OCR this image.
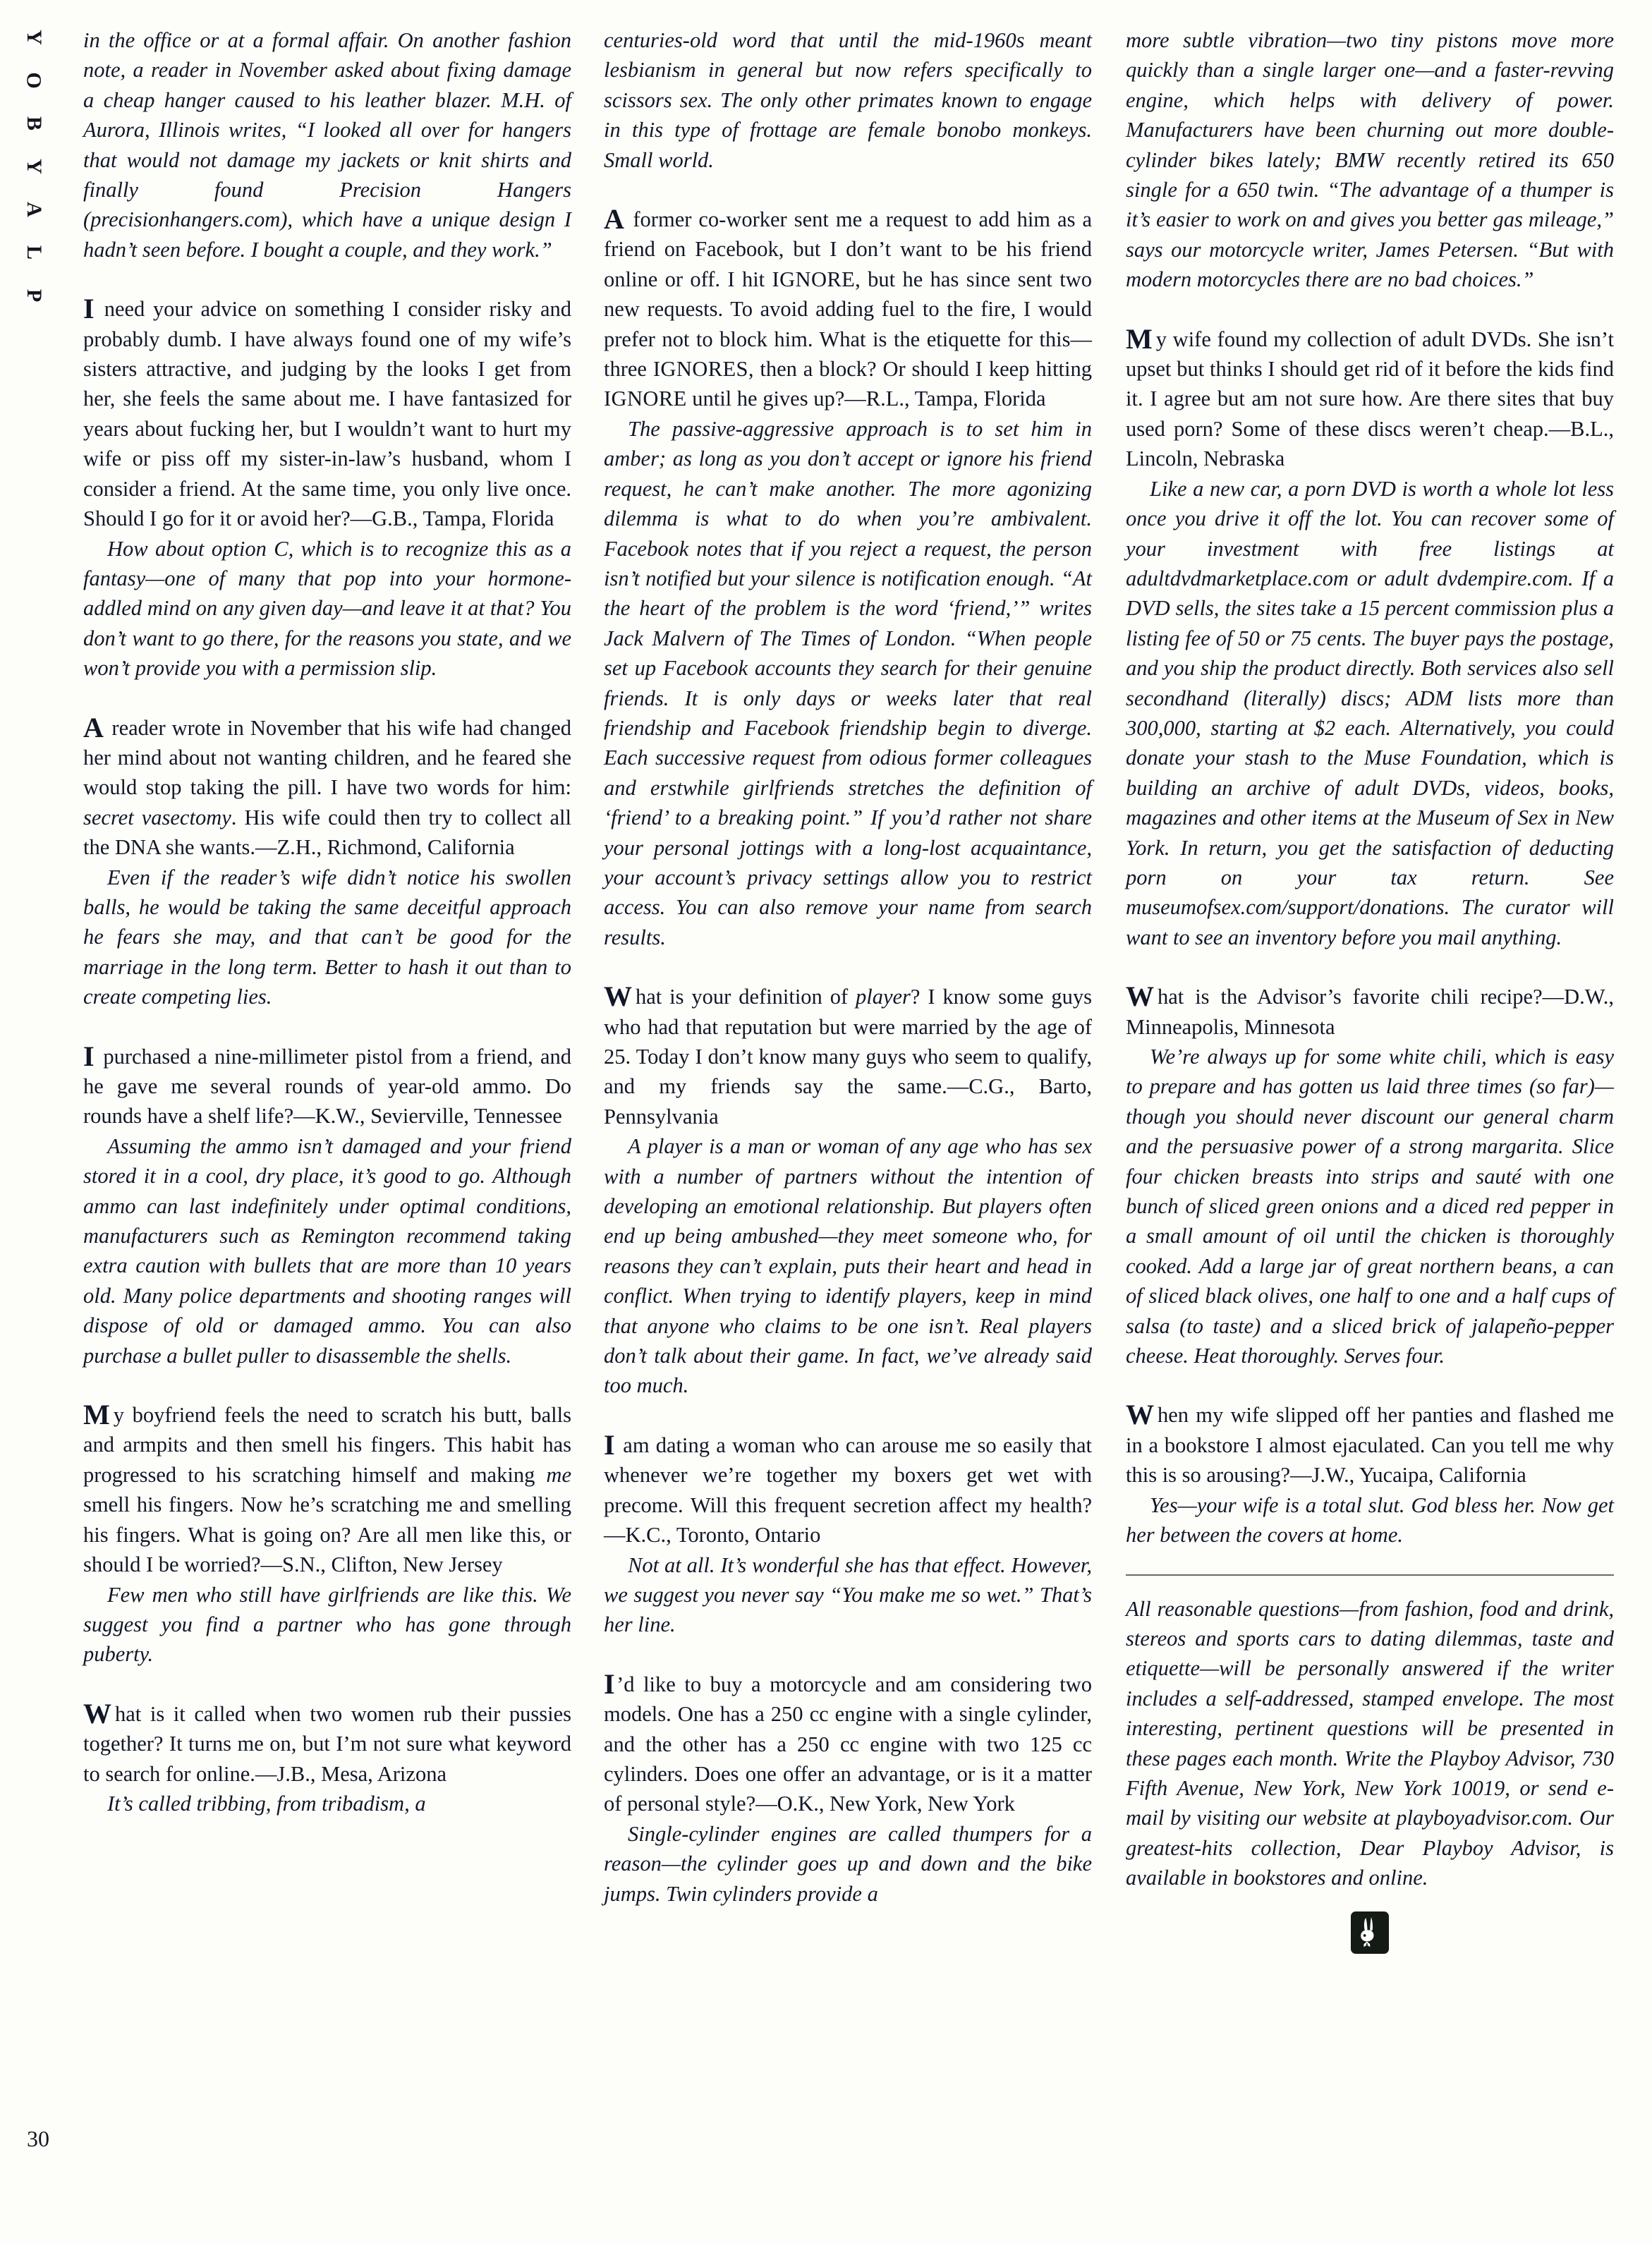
Y
O
B
Y
A
L
P

in the office or at a formal affair. On another fashion note, a reader in November asked about fixing damage a cheap hanger caused to his leather blazer. M.H. of Aurora, Illinois writes, “I looked all over for hangers that would not damage my jackets or knit shirts and finally found Precision Hangers (precisionhangers.com), which have a unique design I hadn’t seen before. I bought a couple, and they work.”

I need your advice on something I consider risky and probably dumb. I have always found one of my wife’s sisters attractive, and judging by the looks I get from her, she feels the same about me. I have fantasized for years about fucking her, but I wouldn’t want to hurt my wife or piss off my sister-in-law’s husband, whom I consider a friend. At the same time, you only live once. Should I go for it or avoid her?—G.B., Tampa, Florida

How about option C, which is to recognize this as a fantasy—one of many that pop into your hormone-addled mind on any given day—and leave it at that? You don’t want to go there, for the reasons you state, and we won’t provide you with a permission slip.

A reader wrote in November that his wife had changed her mind about not wanting children, and he feared she would stop taking the pill. I have two words for him: secret vasectomy. His wife could then try to collect all the DNA she wants.—Z.H., Richmond, California

Even if the reader’s wife didn’t notice his swollen balls, he would be taking the same deceitful approach he fears she may, and that can’t be good for the marriage in the long term. Better to hash it out than to create competing lies.

I purchased a nine-millimeter pistol from a friend, and he gave me several rounds of year-old ammo. Do rounds have a shelf life?—K.W., Sevierville, Tennessee

Assuming the ammo isn’t damaged and your friend stored it in a cool, dry place, it’s good to go. Although ammo can last indefinitely under optimal conditions, manufacturers such as Remington recommend taking extra caution with bullets that are more than 10 years old. Many police departments and shooting ranges will dispose of old or damaged ammo. You can also purchase a bullet puller to disassemble the shells.

M y boyfriend feels the need to scratch his butt, balls and armpits and then smell his fingers. This habit has progressed to his scratching himself and making me smell his fingers. Now he’s scratching me and smelling his fingers. What is going on? Are all men like this, or should I be worried?—S.N., Clifton, New Jersey

Few men who still have girlfriends are like this. We suggest you find a partner who has gone through puberty.

W hat is it called when two women rub their pussies together? It turns me on, but I’m not sure what keyword to search for online.—J.B., Mesa, Arizona

It’s called tribbing, from tribadism, a

centuries-old word that until the mid-1960s meant lesbianism in general but now refers specifically to scissors sex. The only other primates known to engage in this type of frottage are female bonobo monkeys. Small world.

A former co-worker sent me a request to add him as a friend on Facebook, but I don’t want to be his friend online or off. I hit IGNORE, but he has since sent two new requests. To avoid adding fuel to the fire, I would prefer not to block him. What is the etiquette for this—three IGNORES, then a block? Or should I keep hitting IGNORE until he gives up?—R.L., Tampa, Florida

The passive-aggressive approach is to set him in amber; as long as you don’t accept or ignore his friend request, he can’t make another. The more agonizing dilemma is what to do when you’re ambivalent. Facebook notes that if you reject a request, the person isn’t notified but your silence is notification enough. “At the heart of the problem is the word ‘friend,’” writes Jack Malvern of The Times of London. “When people set up Facebook accounts they search for their genuine friends. It is only days or weeks later that real friendship and Facebook friendship begin to diverge. Each successive request from odious former colleagues and erstwhile girlfriends stretches the definition of ‘friend’ to a breaking point.” If you’d rather not share your personal jottings with a long-lost acquaintance, your account’s privacy settings allow you to restrict access. You can also remove your name from search results.

W hat is your definition of player? I know some guys who had that reputation but were married by the age of 25. Today I don’t know many guys who seem to qualify, and my friends say the same.—C.G., Barto, Pennsylvania

A player is a man or woman of any age who has sex with a number of partners without the intention of developing an emotional relationship. But players often end up being ambushed—they meet someone who, for reasons they can’t explain, puts their heart and head in conflict. When trying to identify players, keep in mind that anyone who claims to be one isn’t. Real players don’t talk about their game. In fact, we’ve already said too much.

I am dating a woman who can arouse me so easily that whenever we’re together my boxers get wet with precome. Will this frequent secretion affect my health?—K.C., Toronto, Ontario

Not at all. It’s wonderful she has that effect. However, we suggest you never say “You make me so wet.” That’s her line.

I’d like to buy a motorcycle and am considering two models. One has a 250 cc engine with a single cylinder, and the other has a 250 cc engine with two 125 cc cylinders. Does one offer an advantage, or is it a matter of personal style?—O.K., New York, New York

Single-cylinder engines are called thumpers for a reason—the cylinder goes up and down and the bike jumps. Twin cylinders provide a

more subtle vibration—two tiny pistons move more quickly than a single larger one—and a faster-revving engine, which helps with delivery of power. Manufacturers have been churning out more double-cylinder bikes lately; BMW recently retired its 650 single for a 650 twin. “The advantage of a thumper is it’s easier to work on and gives you better gas mileage,” says our motorcycle writer, James Petersen. “But with modern motorcycles there are no bad choices.”

M y wife found my collection of adult DVDs. She isn’t upset but thinks I should get rid of it before the kids find it. I agree but am not sure how. Are there sites that buy used porn? Some of these discs weren’t cheap.—B.L., Lincoln, Nebraska

Like a new car, a porn DVD is worth a whole lot less once you drive it off the lot. You can recover some of your investment with free listings at adultdvdmarketplace.com or adult dvdempire.com. If a DVD sells, the sites take a 15 percent commission plus a listing fee of 50 or 75 cents. The buyer pays the postage, and you ship the product directly. Both services also sell secondhand (literally) discs; ADM lists more than 300,000, starting at $2 each. Alternatively, you could donate your stash to the Muse Foundation, which is building an archive of adult DVDs, videos, books, magazines and other items at the Museum of Sex in New York. In return, you get the satisfaction of deducting porn on your tax return. See museumofsex.com/support/donations. The curator will want to see an inventory before you mail anything.

W hat is the Advisor’s favorite chili recipe?—D.W., Minneapolis, Minnesota

We’re always up for some white chili, which is easy to prepare and has gotten us laid three times (so far)—though you should never discount our general charm and the persuasive power of a strong margarita. Slice four chicken breasts into strips and sauté with one bunch of sliced green onions and a diced red pepper in a small amount of oil until the chicken is thoroughly cooked. Add a large jar of great northern beans, a can of sliced black olives, one half to one and a half cups of salsa (to taste) and a sliced brick of jalapeño-pepper cheese. Heat thoroughly. Serves four.

W hen my wife slipped off her panties and flashed me in a bookstore I almost ejaculated. Can you tell me why this is so arousing?—J.W., Yucaipa, California

Yes—your wife is a total slut. God bless her. Now get her between the covers at home.

All reasonable questions—from fashion, food and drink, stereos and sports cars to dating dilemmas, taste and etiquette—will be personally answered if the writer includes a self-addressed, stamped envelope. The most interesting, pertinent questions will be presented in these pages each month. Write the Playboy Advisor, 730 Fifth Avenue, New York, New York 10019, or send e-mail by visiting our website at playboyadvisor.com. Our greatest-hits collection, Dear Playboy Advisor, is available in bookstores and online.

30
